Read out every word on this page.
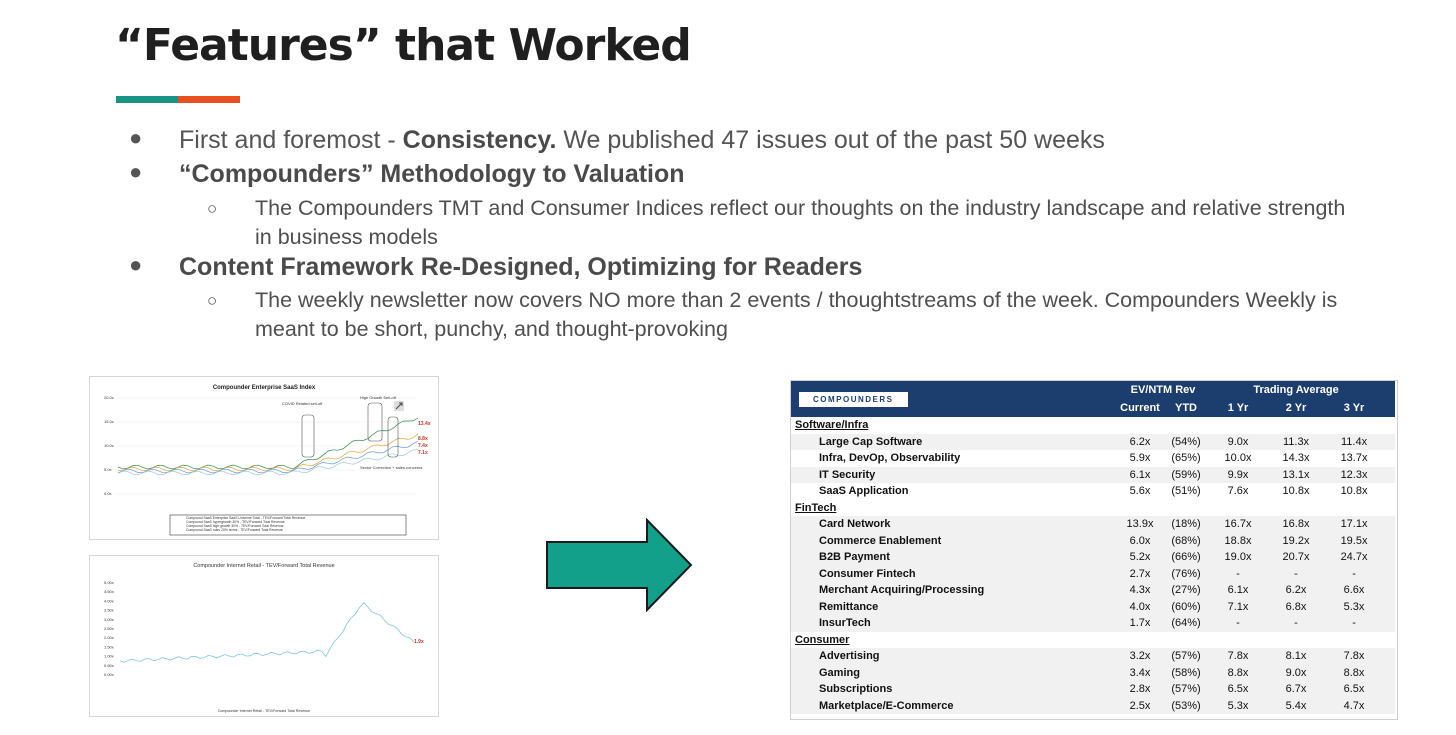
“Features” that Worked
● First and foremost - Consistency. We published 47 issues out of the past 50 weeks
● “Compounders” Methodology to Valuation
○ The Compounders TMT and Consumer Indices reflect our thoughts on the industry landscape and relative strength
in business models
● Content Framework Re-Designed, Optimizing for Readers
○ The weekly newsletter now covers NO more than 2 events / thoughtstreams of the week. Compounders Weekly is
meant to be short, punchy, and thought-provoking
Compounder Enterprise SaaS Index
20.0x
15.0x
10.0x
5.0x
0.0x
COVID Related sell-off
High Growth Sell-off
Sector Correction + sales concerns
13.4x
8.8x
7.4x
7.1x
Compound SaaS Enterprise SaaS Universe Total - TEV/Forward Total Revenue
Compound SaaS hypergrowth 30% - TEV/Forward Total Revenue
Compound SaaS high growth 30% - TEV/Forward Total Revenue
Compound SaaS rules 20% terms - TEV/Forward Total Revenue
Compounder Internet Retail - TEV/Forward Total Revenue
5.00x
4.50x
4.00x
3.50x
3.00x
2.50x
2.00x
1.50x
1.00x
0.50x
0.00x
1.9x
Compounder Internet Retail - TEV/Forward Total Revenue
COMPOUNDERS	EV/NTM Rev		Trading Average			
	Current	YTD	1 Yr	2 Yr	3 Yr	
Software/Infra						
Large Cap Software	6.2x	(54%)	9.0x	11.3x	11.4x	
Infra, DevOp, Observability	5.9x	(65%)	10.0x	14.3x	13.7x	
IT Security	6.1x	(59%)	9.9x	13.1x	12.3x	
SaaS Application	5.6x	(51%)	7.6x	10.8x	10.8x	
FinTech						
Card Network	13.9x	(18%)	16.7x	16.8x	17.1x	
Commerce Enablement	6.0x	(68%)	18.8x	19.2x	19.5x	
B2B Payment	5.2x	(66%)	19.0x	20.7x	24.7x	
Consumer Fintech	2.7x	(76%)	-	-	-	
Merchant Acquiring/Processing	4.3x	(27%)	6.1x	6.2x	6.6x	
Remittance	4.0x	(60%)	7.1x	6.8x	5.3x	
InsurTech	1.7x	(64%)	-	-	-	
Consumer						
Advertising	3.2x	(57%)	7.8x	8.1x	7.8x	
Gaming	3.4x	(58%)	8.8x	9.0x	8.8x	
Subscriptions	2.8x	(57%)	6.5x	6.7x	6.5x	
Marketplace/E-Commerce	2.5x	(53%)	5.3x	5.4x	4.7x	
